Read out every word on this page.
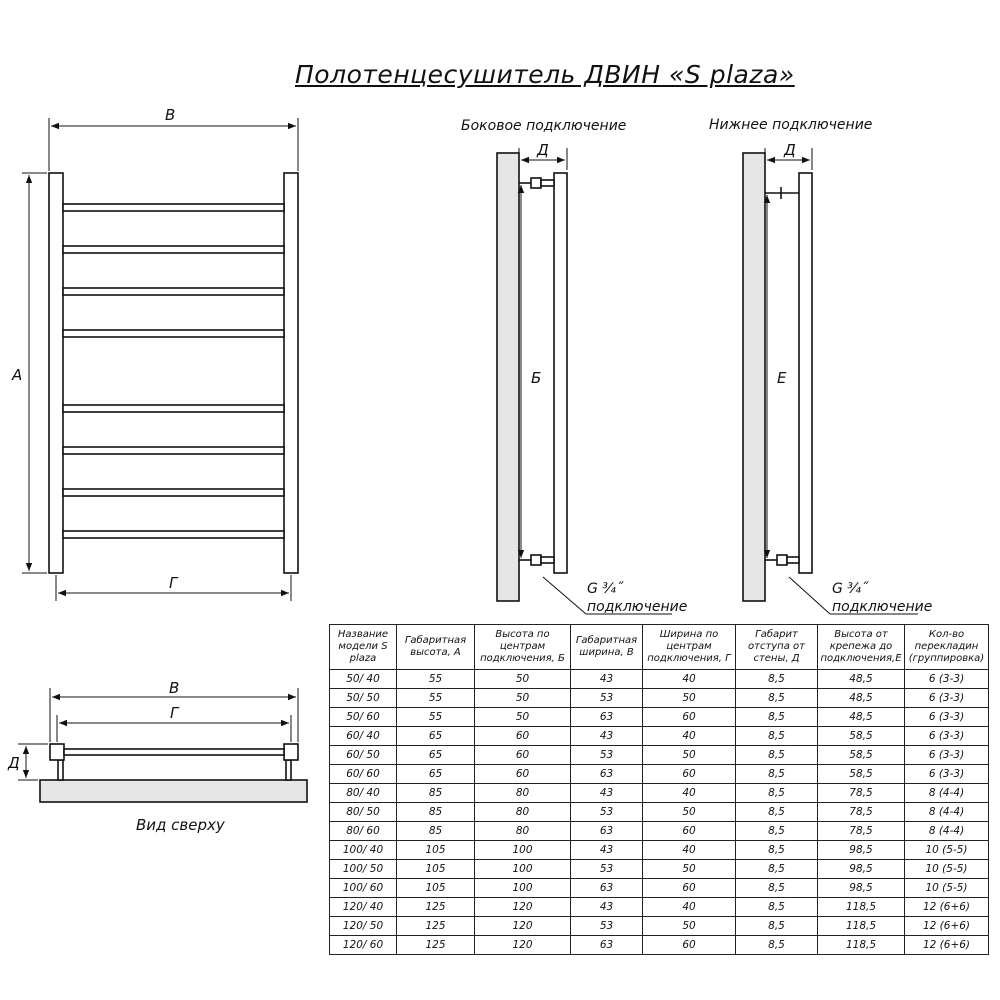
Полотенцесушитель ДВИН «S plaza»
В
А
Г
Боковое подключение
Д
Б
G ¾˝
подключение
Нижнее подключение
Д
Е
G ¾˝
подключение
В
Г
Д
Вид сверху
Название модели S plaza	Габаритная высота, А	Высота по центрам подключения, Б	Габаритная ширина, В	Ширина по центрам подключения, Г	Габарит отступа от стены, Д	Высота от крепежа до подключения,Е	Кол-во перекладин (группировка)
50/ 40	55	50	43	40	8,5	48,5	6 (3-3)
50/ 50	55	50	53	50	8,5	48,5	6 (3-3)
50/ 60	55	50	63	60	8,5	48,5	6 (3-3)
60/ 40	65	60	43	40	8,5	58,5	6 (3-3)
60/ 50	65	60	53	50	8,5	58,5	6 (3-3)
60/ 60	65	60	63	60	8,5	58,5	6 (3-3)
80/ 40	85	80	43	40	8,5	78,5	8 (4-4)
80/ 50	85	80	53	50	8,5	78,5	8 (4-4)
80/ 60	85	80	63	60	8,5	78,5	8 (4-4)
100/ 40	105	100	43	40	8,5	98,5	10 (5-5)
100/ 50	105	100	53	50	8,5	98,5	10 (5-5)
100/ 60	105	100	63	60	8,5	98,5	10 (5-5)
120/ 40	125	120	43	40	8,5	118,5	12 (6+6)
120/ 50	125	120	53	50	8,5	118,5	12 (6+6)
120/ 60	125	120	63	60	8,5	118,5	12 (6+6)
